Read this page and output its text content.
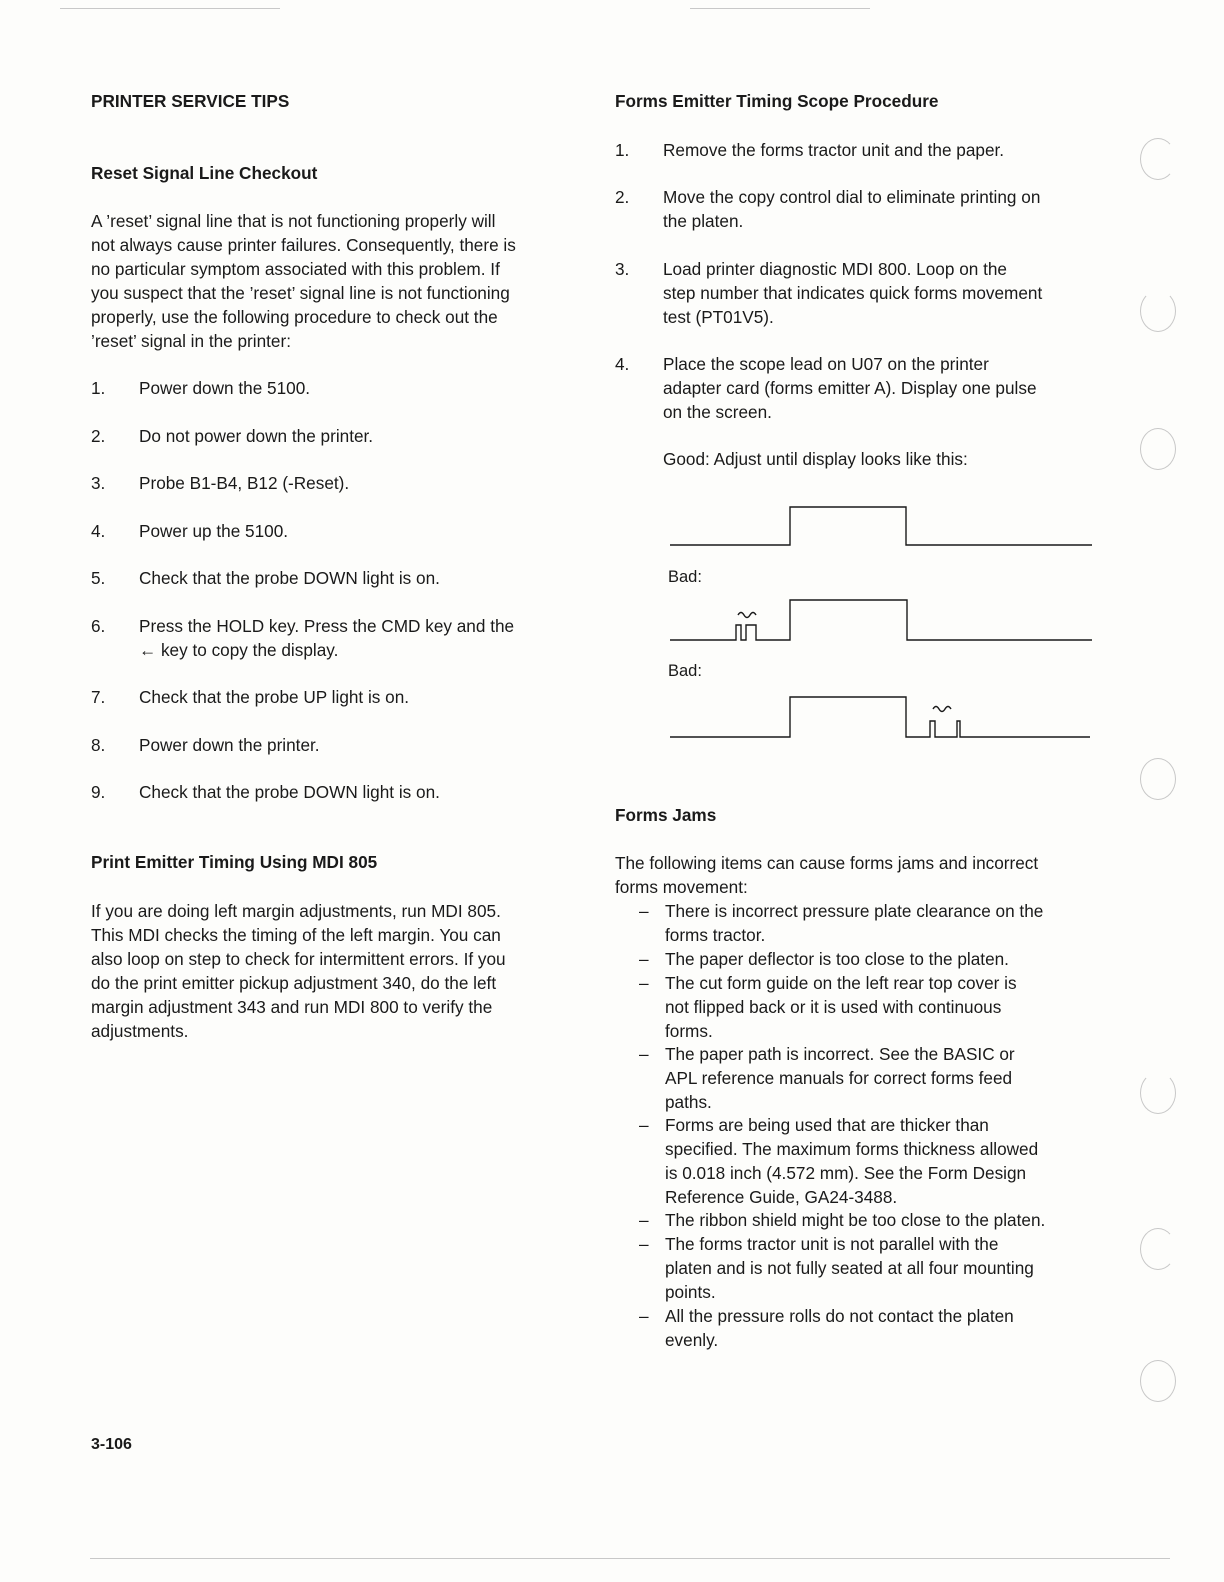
PRINTER SERVICE TIPS
Reset Signal Line Checkout
A ’reset’ signal line that is not functioning properly will
not always cause printer failures. Consequently, there is
no particular symptom associated with this problem. If
you suspect that the ’reset’ signal line is not functioning
properly, use the following procedure to check out the
’reset’ signal in the printer:
1. Power down the 5100.
2. Do not power down the printer.
3. Probe B1-B4, B12 (-Reset).
4. Power up the 5100.
5. Check that the probe DOWN light is on.
6. Press the HOLD key. Press the CMD key and the
← key to copy the display.
7. Check that the probe UP light is on.
8. Power down the printer.
9. Check that the probe DOWN light is on.
Print Emitter Timing Using MDI 805
If you are doing left margin adjustments, run MDI 805.
This MDI checks the timing of the left margin. You can
also loop on step to check for intermittent errors. If you
do the print emitter pickup adjustment 340, do the left
margin adjustment 343 and run MDI 800 to verify the
adjustments.
3-106
Forms Emitter Timing Scope Procedure
1. Remove the forms tractor unit and the paper.
2. Move the copy control dial to eliminate printing on
the platen.
3. Load printer diagnostic MDI 800. Loop on the
step number that indicates quick forms movement
test (PT01V5).
4. Place the scope lead on U07 on the printer
adapter card (forms emitter A). Display one pulse
on the screen.
Good: Adjust until display looks like this:
Bad:
Bad:
Forms Jams
The following items can cause forms jams and incorrect
forms movement:
– There is incorrect pressure plate clearance on the
forms tractor.
– The paper deflector is too close to the platen.
– The cut form guide on the left rear top cover is
not flipped back or it is used with continuous
forms.
– The paper path is incorrect. See the BASIC or
APL reference manuals for correct forms feed
paths.
– Forms are being used that are thicker than
specified. The maximum forms thickness allowed
is 0.018 inch (4.572 mm). See the Form Design
Reference Guide, GA24-3488.
– The ribbon shield might be too close to the platen.
– The forms tractor unit is not parallel with the
platen and is not fully seated at all four mounting
points.
– All the pressure rolls do not contact the platen
evenly.
